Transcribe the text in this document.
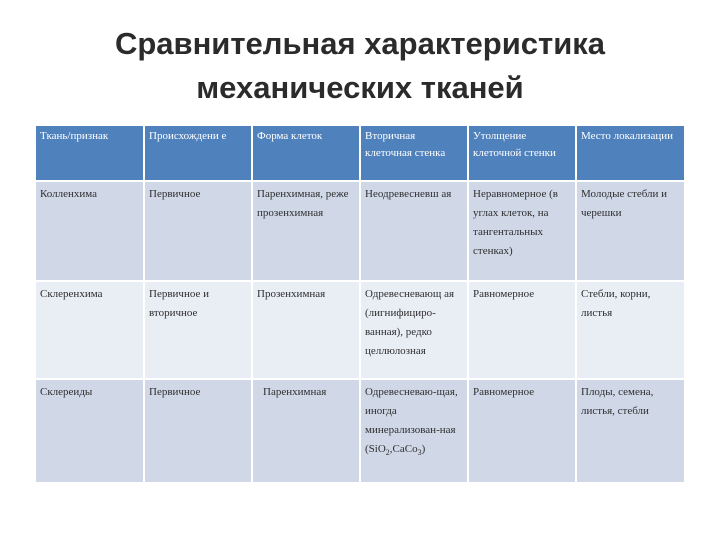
Сравнительная характеристика
механических тканей
Ткань/признак	Происхождени е	Форма клеток	Вторичная клеточная стенка	Утолщение клеточной стенки	Место локализации
Колленхима	Первичное	Паренхимная, реже прозенхимная	Неодревесневш ая	Неравномерное (в углах клеток, на тангентальных стенках)	Молодые стебли и черешки
Склеренхима	Первичное и вторичное	Прозенхимная	Одревесневающ ая (лигнифициро-ванная), редко целлюлозная	Равномерное	Стебли, корни, листья
Склереиды	Первичное	Паренхимная	Одревесневаю-щая, иногда минерализован-ная (SiO$_2$,CaCo$_3$)	Равномерное	Плоды, семена, листья, стебли
